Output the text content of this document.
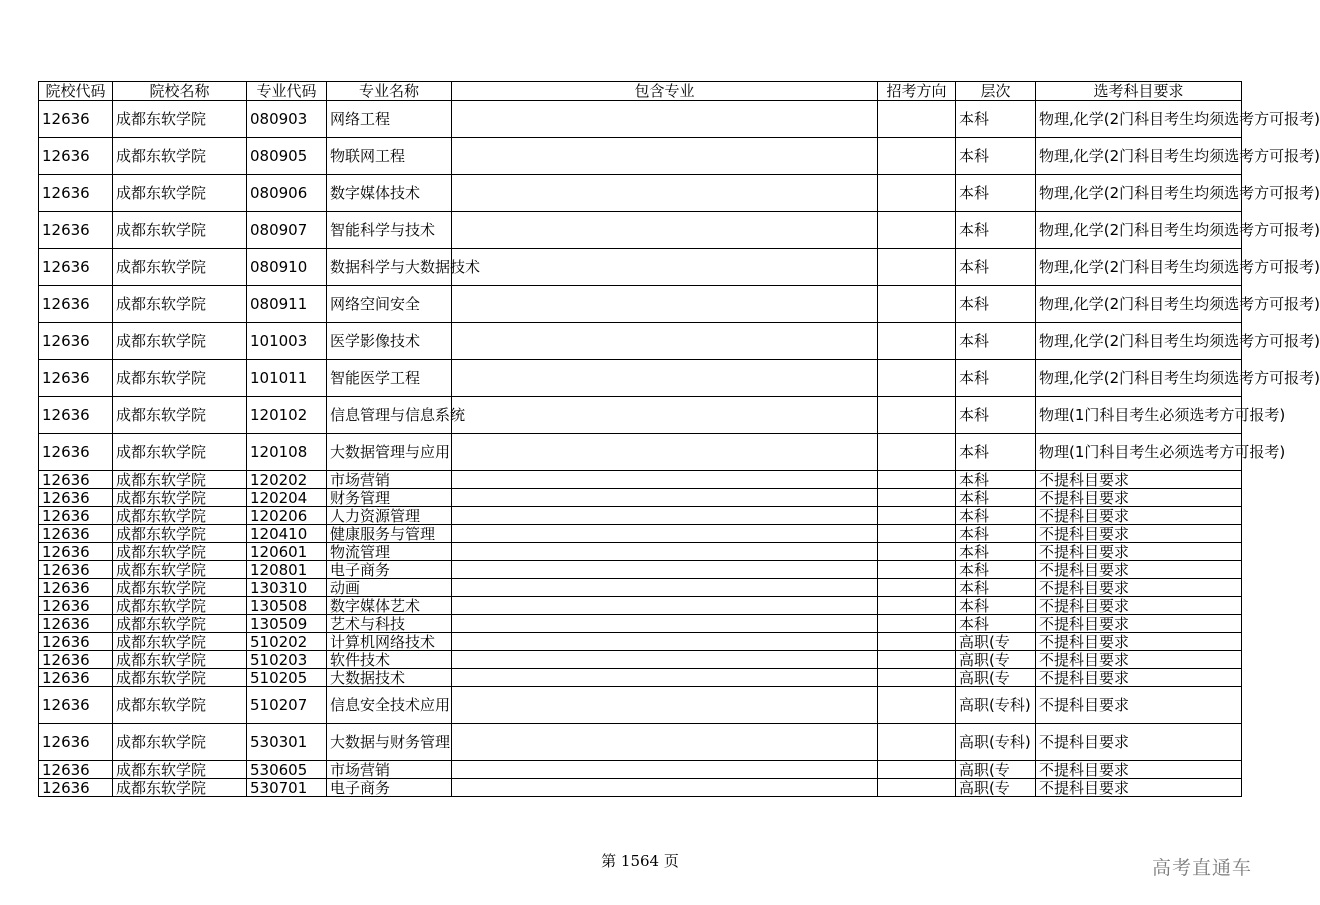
院校代码	院校名称	专业代码	专业名称	包含专业	招考方向	层次	选考科目要求
12636	成都东软学院	080903	网络工程			本科	物理,化学(2门科目考生均须选考方可报考)
12636	成都东软学院	080905	物联网工程			本科	物理,化学(2门科目考生均须选考方可报考)
12636	成都东软学院	080906	数字媒体技术			本科	物理,化学(2门科目考生均须选考方可报考)
12636	成都东软学院	080907	智能科学与技术			本科	物理,化学(2门科目考生均须选考方可报考)
12636	成都东软学院	080910	数据科学与大数据技术			本科	物理,化学(2门科目考生均须选考方可报考)
12636	成都东软学院	080911	网络空间安全			本科	物理,化学(2门科目考生均须选考方可报考)
12636	成都东软学院	101003	医学影像技术			本科	物理,化学(2门科目考生均须选考方可报考)
12636	成都东软学院	101011	智能医学工程			本科	物理,化学(2门科目考生均须选考方可报考)
12636	成都东软学院	120102	信息管理与信息系统			本科	物理(1门科目考生必须选考方可报考)
12636	成都东软学院	120108	大数据管理与应用			本科	物理(1门科目考生必须选考方可报考)
12636	成都东软学院	120202	市场营销			本科	不提科目要求
12636	成都东软学院	120204	财务管理			本科	不提科目要求
12636	成都东软学院	120206	人力资源管理			本科	不提科目要求
12636	成都东软学院	120410	健康服务与管理			本科	不提科目要求
12636	成都东软学院	120601	物流管理			本科	不提科目要求
12636	成都东软学院	120801	电子商务			本科	不提科目要求
12636	成都东软学院	130310	动画			本科	不提科目要求
12636	成都东软学院	130508	数字媒体艺术			本科	不提科目要求
12636	成都东软学院	130509	艺术与科技			本科	不提科目要求
12636	成都东软学院	510202	计算机网络技术			高职(专	不提科目要求
12636	成都东软学院	510203	软件技术			高职(专	不提科目要求
12636	成都东软学院	510205	大数据技术			高职(专	不提科目要求
12636	成都东软学院	510207	信息安全技术应用			高职(专科)	不提科目要求
12636	成都东软学院	530301	大数据与财务管理			高职(专科)	不提科目要求
12636	成都东软学院	530605	市场营销			高职(专	不提科目要求
12636	成都东软学院	530701	电子商务			高职(专	不提科目要求
第 1564 页	高考直通车
